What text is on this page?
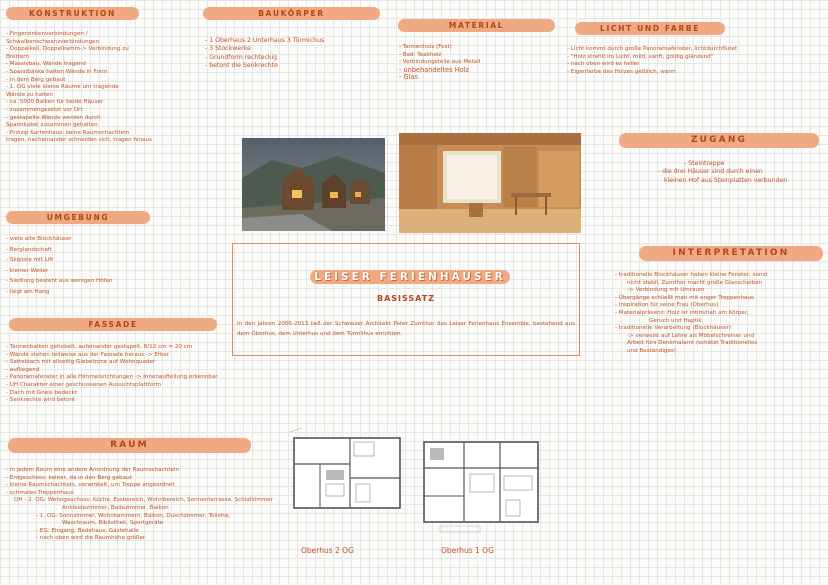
KONSTRUKTION	BAUKÖRPER
MATERIAL	LICHT UND FARBE
ZUGANG
UMGEBUNG
INTERPRETATION
FASSADE
RAUM
- Fingerzinkenverbindungen /
Schwalbenschwanzverbindungen
- Doppelkeil, Doppelkamm-> Verbindung zu
Brettern
- Massivbau, Wände tragend
- Spannbänke halten Wände in Form
- in dem Berg gebaut
- 1. OG viele kleine Räume um tragende
Wände zu halten
- ca. 5000 Balken für beide Häuser
- zusammengesetzt vor Ort
- gestapelte Wände werden durch
Spannkabel zusammen gehalten
- Prinzip Kartenhaus: keine Raumschachteln
tragen, nacheinander schneiden sich, tragen hinaus
- 1 Oberhaus 2 Unterhaus 3 Türmichus
- 3 Stockwerke
- Grundform rechteckig
- betont die Senkrechte
- Tannenholz (Fest)
- Bad: Teakholz
- Verbindungsteile aus Metall
- unbehandeltes Holz
- Glas
- Licht kommt durch große Panoramafenster, lichtdurchflutet
- "Holz strahlt im Licht, mild, sanft, goldig glänzend"
- nach oben wird es heller
- Eigenfarbe des Holzes gelblich, warm
- Steintreppe
- die drei Häuser sind durch einen
kleinen Hof aus Steinplatten verbunden
- viele alte Blockhäuser
- Berglandschaft
- Skipiste mit Lift
- kleiner Weiler
- Siedlung besteht aus wenigen Höfen
- liegt am Hang
LEISER FERIENHÄUSER
BASISSATZ
In den Jahren 2006-2013 ließ der Schweizer Architekt Peter Zumthor das Leiser Ferienhaus Ensemble, bestehend aus dem Oberhus, dem Unterhus und dem Türmlihus errichten.
- traditionelle Blockhäuser haben kleine Fenster, sonst
nicht stabil, Zumthor macht große Glasscheiben
-> Verbindung mit Umraum
- Übergänge schließt man mit enger Treppenhaus
- Inspiration für seine Frau (Oberhus)
- Materialpräsenz: Holz ist intim/nah am Körper,
Geruch und Haptik
- traditionelle Verarbeitung (Blockhäuser)
-> verweist auf Lehre als Möbelschreiner und
Arbeit fürs Denkmalamt (schätzt Traditionelles
und Beständiges)
- Tannenbalken gehobelt, aufeinander gestapelt, 6/12 cm = 20 cm
- Wände stehen teilweise aus der Fassade heraus -> Erker
- Satteldach mit allseitig Giebelzone auf Wohnquader
- aufliegend
- Panoramafenster in alle Himmelsrichtungen -> Innenaufteilung erkennbar
- UH Charakter einer geschlossenen Aussichtsplattform
- Dach mit Gneis bedeckt
- Senkrechte wird betont
- in jedem Raum eine andere Anordnung der Raumschachteln
- Erdgeschoss: keiner, da in den Berg gebaut
- kleine Raumschachteln, verwinkelt, um Treppe angeordnet
- schmales Treppenhaus
OH - 2. OG: Wohngeschoss: Küche, Essbereich, Wohnbereich, Sonnenterrasse, Schlafzimmer
Ankleidezimmer, Badezimmer, Balkon
- 1. OG: Sonnzimmer, Wohnkammern, Balkon, Duschzimmer, Toilette,
Waschraum, Bibliothek, Sportgeräte
- EG: Eingang, Badehaus, Gästehalle
- nach oben wird die Raumhöhe größer
Oberhus 2 OG	Oberhus 1 OG
